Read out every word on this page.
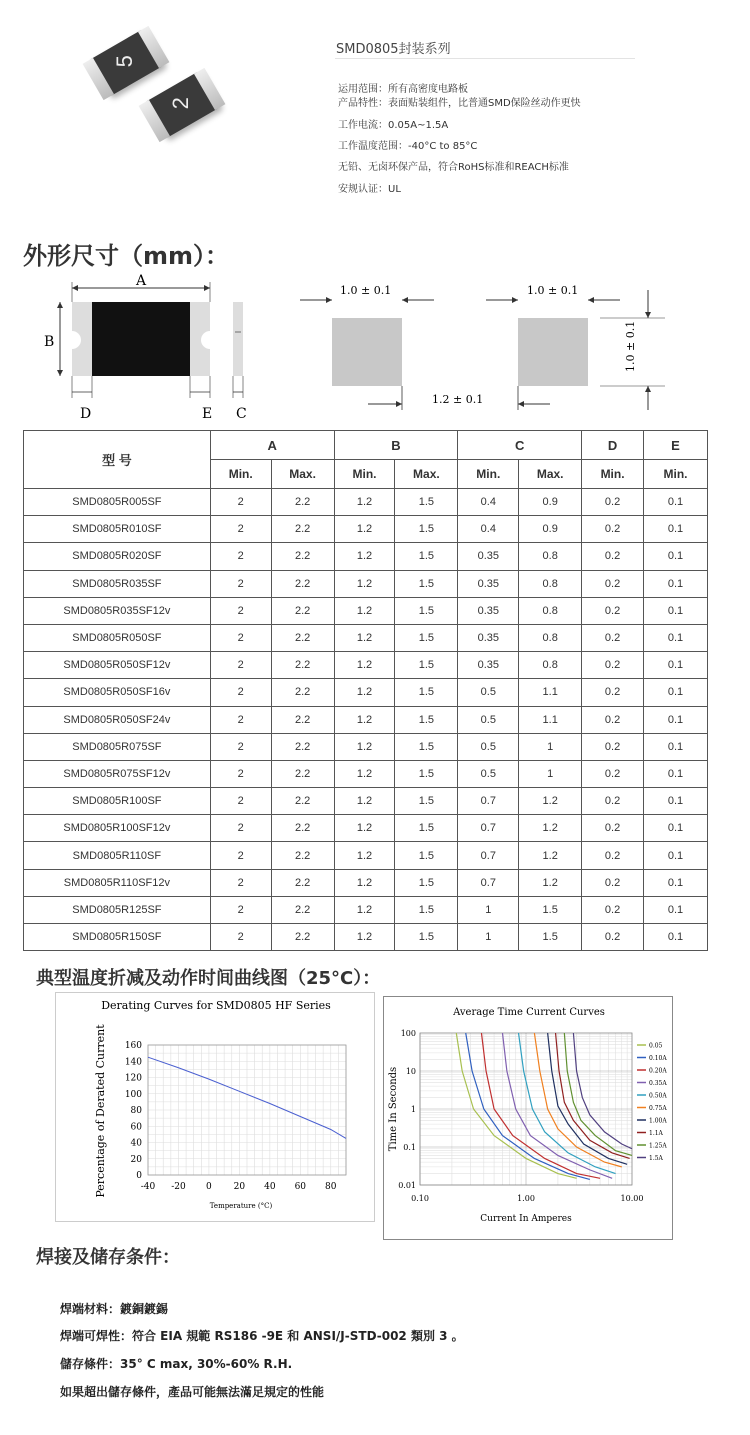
5
2
SMD0805封装系列
运用范围：所有高密度电路板
产品特性：表面贴装组件，比普通SMD保险丝动作更快
工作电流：0.05A~1.5A
工作温度范围：-40°C to 85°C
无铅、无卤环保产品，符合RoHS标准和REACH标准
安规认证：UL
外形尺寸（mm）：
A
B
D	E C
1.0 ± 0.1
1.2 ± 0.1
1.0 ± 0.1
1.0 ± 0.1
型 号	A		B		C		D	E
	Min.	Max.	Min.	Max.	Min.	Max.	Min.	Min.
SMD0805R005SF	2	2.2	1.2	1.5	0.4	0.9	0.2	0.1
SMD0805R010SF	2	2.2	1.2	1.5	0.4	0.9	0.2	0.1
SMD0805R020SF	2	2.2	1.2	1.5	0.35	0.8	0.2	0.1
SMD0805R035SF	2	2.2	1.2	1.5	0.35	0.8	0.2	0.1
SMD0805R035SF12v	2	2.2	1.2	1.5	0.35	0.8	0.2	0.1
SMD0805R050SF	2	2.2	1.2	1.5	0.35	0.8	0.2	0.1
SMD0805R050SF12v	2	2.2	1.2	1.5	0.35	0.8	0.2	0.1
SMD0805R050SF16v	2	2.2	1.2	1.5	0.5	1.1	0.2	0.1
SMD0805R050SF24v	2	2.2	1.2	1.5	0.5	1.1	0.2	0.1
SMD0805R075SF	2	2.2	1.2	1.5	0.5	1	0.2	0.1
SMD0805R075SF12v	2	2.2	1.2	1.5	0.5	1	0.2	0.1
SMD0805R100SF	2	2.2	1.2	1.5	0.7	1.2	0.2	0.1
SMD0805R100SF12v	2	2.2	1.2	1.5	0.7	1.2	0.2	0.1
SMD0805R110SF	2	2.2	1.2	1.5	0.7	1.2	0.2	0.1
SMD0805R110SF12v	2	2.2	1.2	1.5	0.7	1.2	0.2	0.1
SMD0805R125SF	2	2.2	1.2	1.5	1	1.5	0.2	0.1
SMD0805R150SF	2	2.2	1.2	1.5	1	1.5	0.2	0.1
典型温度折减及动作时间曲线图（25°C）：
Derating Curves for SMD0805 HF Series
-40 -20 0 20 40 60 80
0
20
40
60
80
100
120
140
160
Temperature (°C)
Percentage of Derated Current
Average Time Current Curves
0.10	1.00	10.00
100
10
1
0.1
0.01
Current In Amperes
Time In Seconds
0.05
0.10A
0.20A
0.35A
0.50A
0.75A
1.00A
1.1A
1.25A
1.5A
焊接及储存条件：
焊端材料：鍍銅鍍錫
焊端可焊性：符合 EIA 規範 RS186 -9E 和 ANSI/J-STD-002 類別 3 。
儲存條件：35° C max, 30%-60% R.H.
如果超出儲存條件，產品可能無法滿足規定的性能
